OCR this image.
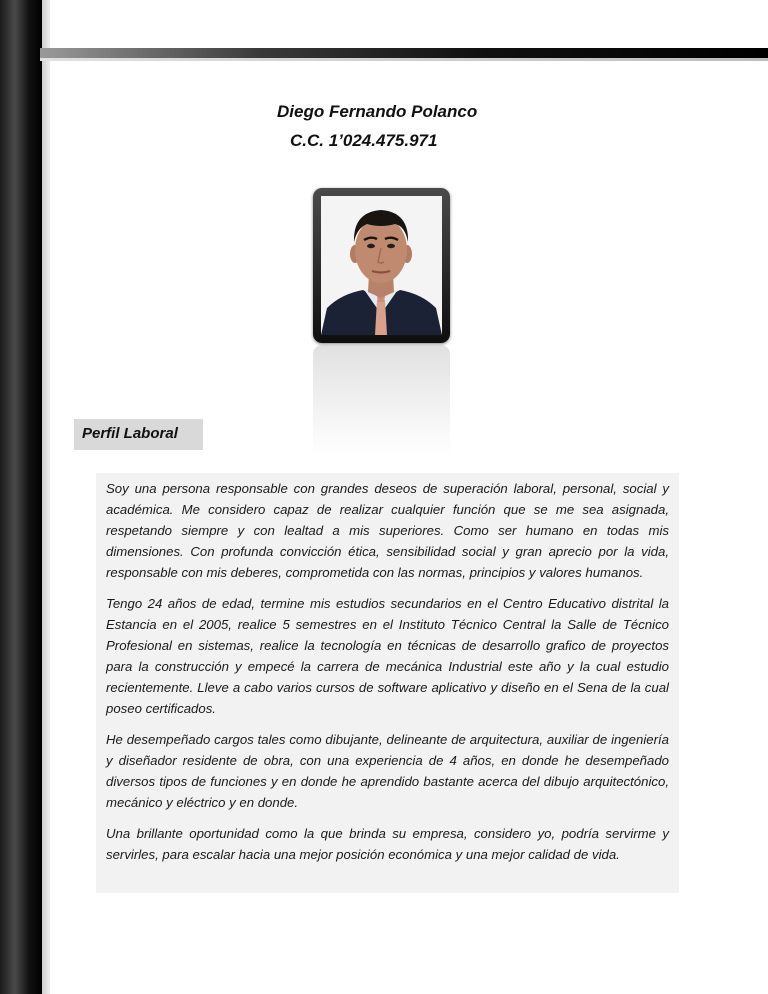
Diego Fernando Polanco
C.C. 1’024.475.971
Perfil Laboral

Soy una persona responsable con grandes deseos de superación laboral, personal, social y académica. Me considero capaz de realizar cualquier función que se me sea asignada, respetando siempre y con lealtad a mis superiores. Como ser humano en todas mis dimensiones. Con profunda convicción ética, sensibilidad social y gran aprecio por la vida, responsable con mis deberes, comprometida con las normas, principios y valores humanos.

Tengo 24 años de edad, termine mis estudios secundarios en el Centro Educativo distrital la Estancia en el 2005, realice 5 semestres en el Instituto Técnico Central la Salle de Técnico Profesional en sistemas, realice la tecnología en técnicas de desarrollo grafico de proyectos para la construcción y empecé la carrera de mecánica Industrial este año y la cual estudio recientemente. Lleve a cabo varios cursos de software aplicativo y diseño en el Sena de la cual poseo certificados.

He desempeñado cargos tales como dibujante, delineante de arquitectura, auxiliar de ingeniería y diseñador residente de obra, con una experiencia de 4 años, en donde he desempeñado diversos tipos de funciones y en donde he aprendido bastante acerca del dibujo arquitectónico, mecánico y eléctrico y en donde.

Una brillante oportunidad como la que brinda su empresa, considero yo, podría servirme y servirles, para escalar hacia una mejor posición económica y una mejor calidad de vida.
